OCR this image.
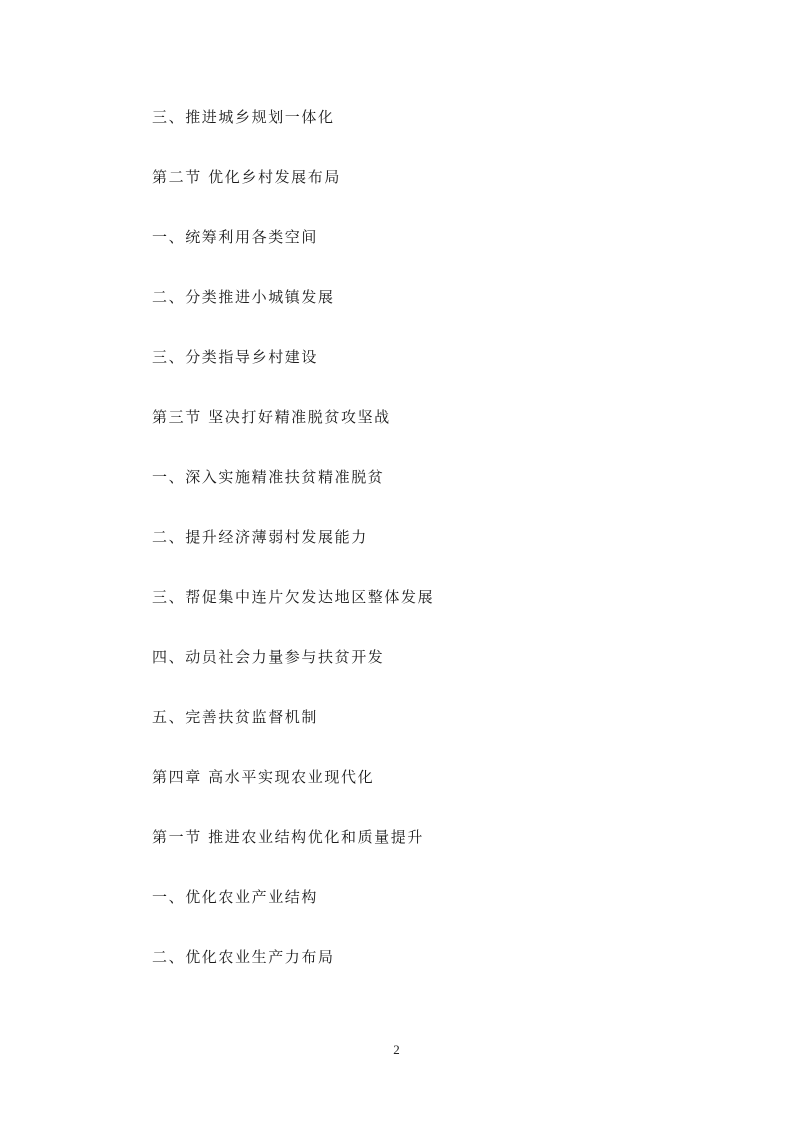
三、推进城乡规划一体化
第二节 优化乡村发展布局
一、统筹利用各类空间
二、分类推进小城镇发展
三、分类指导乡村建设
第三节 坚决打好精准脱贫攻坚战
一、深入实施精准扶贫精准脱贫
二、提升经济薄弱村发展能力
三、帮促集中连片欠发达地区整体发展
四、动员社会力量参与扶贫开发
五、完善扶贫监督机制
第四章 高水平实现农业现代化
第一节 推进农业结构优化和质量提升
一、优化农业产业结构
二、优化农业生产力布局
2
